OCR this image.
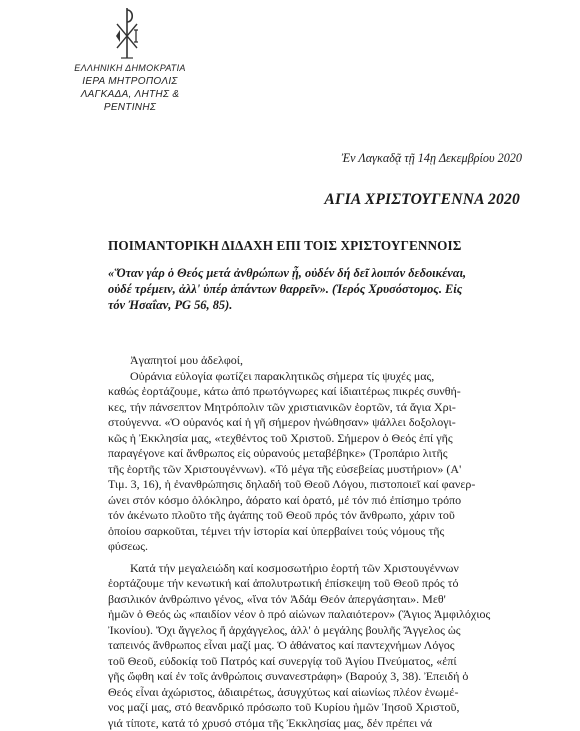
ΕΛΛΗΝΙΚΗ ΔΗΜΟΚΡΑΤΙΑ
ΙΕΡΑ ΜΗΤΡΟΠΟΛΙΣ
ΛΑΓΚΑΔΑ, ΛΗΤΗΣ & ΡΕΝΤΙΝΗΣ
Ἐν Λαγκαδᾷ τῇ 14ῃ Δεκεμβρίου 2020
ΑΓΙΑ ΧΡΙΣΤΟΥΓΕΝΝΑ 2020
ΠΟΙΜΑΝΤΟΡΙΚΗ ΔΙΔΑΧΗ ΕΠΙ ΤΟΙΣ ΧΡΙΣΤΟΥΓΕΝΝΟΙΣ
«Ὅταν γάρ ὁ Θεός μετά ἀνθρώπων ᾖ, οὐδέν δή δεῖ λοιπόν δεδοικέναι,
οὐδέ τρέμειν, ἀλλ' ὑπέρ ἁπάντων θαρρεῖν». (Ἱερός Χρυσόστομος. Εἰς
τόν Ἠσαΐαν, PG 56, 85).
Ἀγαπητοί μου ἀδελφοί,
Οὐράνια εὐλογία φωτίζει παρακλητικῶς σήμερα τίς ψυχές μας,
καθώς ἑορτάζουμε, κάτω ἀπό πρωτόγνωρες καί ἰδιαιτέρως πικρές συνθή-
κες, τήν πάνσεπτον Μητρόπολιν τῶν χριστιανικῶν ἑορτῶν, τά ἅγια Χρι-
στούγεννα. «Ὁ οὐρανός καί ἡ γῆ σήμερον ἡνώθησαν» ψάλλει δοξολογι-
κῶς ἡ Ἐκκλησία μας, «τεχθέντος τοῦ Χριστοῦ. Σήμερον ὁ Θεός ἐπί γῆς
παραγέγονε καί ἄνθρωπος εἰς οὐρανούς μεταβέβηκε» (Τροπάριο λιτῆς
τῆς ἑορτῆς τῶν Χριστουγέννων). «Τό μέγα τῆς εὐσεβείας μυστήριον» (Α'
Τιμ. 3, 16), ἡ ἐνανθρώπησις δηλαδή τοῦ Θεοῦ Λόγου, πιστοποιεῖ καί φανερ-
ώνει στόν κόσμο ὁλόκληρο, ἀόρατο καί ὁρατό, μέ τόν πιό ἐπίσημο τρόπο
τόν ἀκένωτο πλοῦτο τῆς ἀγάπης τοῦ Θεοῦ πρός τόν ἄνθρωπο, χάριν τοῦ
ὁποίου σαρκοῦται, τέμνει τήν ἱστορία καί ὑπερβαίνει τούς νόμους τῆς
φύσεως.
Κατά τήν μεγαλειώδη καί κοσμοσωτήριο ἑορτή τῶν Χριστουγέννων
ἑορτάζουμε τήν κενωτική καί ἀπολυτρωτική ἐπίσκεψη τοῦ Θεοῦ πρός τό
βασιλικόν ἀνθρώπινο γένος, «ἵνα τόν Ἀδάμ Θεόν ἀπεργάσηται». Μεθ'
ἡμῶν ὁ Θεός ὡς «παιδίον νέον ὁ πρό αἰώνων παλαιότερον» (Ἅγιος Ἀμφιλόχιος
Ἰκονίου). Ὄχι ἄγγελος ἤ ἀρχάγγελος, ἀλλ' ὁ μεγάλης βουλῆς Ἄγγελος ὡς
ταπεινός ἄνθρωπος εἶναι μαζί μας. Ὁ ἀθάνατος καί παντεχνήμων Λόγος
τοῦ Θεοῦ, εὐδοκίᾳ τοῦ Πατρός καί συνεργίᾳ τοῦ Ἁγίου Πνεύματος, «ἐπί
γῆς ὤφθη καί ἐν τοῖς ἀνθρώποις συνανεστράφη» (Βαρούχ 3, 38). Ἐπειδή ὁ
Θεός εἶναι ἀχώριστος, ἀδιαιρέτως, ἀσυγχύτως καί αἰωνίως πλέον ἑνωμέ-
νος μαζί μας, στό θεανδρικό πρόσωπο τοῦ Κυρίου ἡμῶν Ἰησοῦ Χριστοῦ,
γιά τίποτε, κατά τό χρυσό στόμα τῆς Ἐκκλησίας μας, δέν πρέπει νά
